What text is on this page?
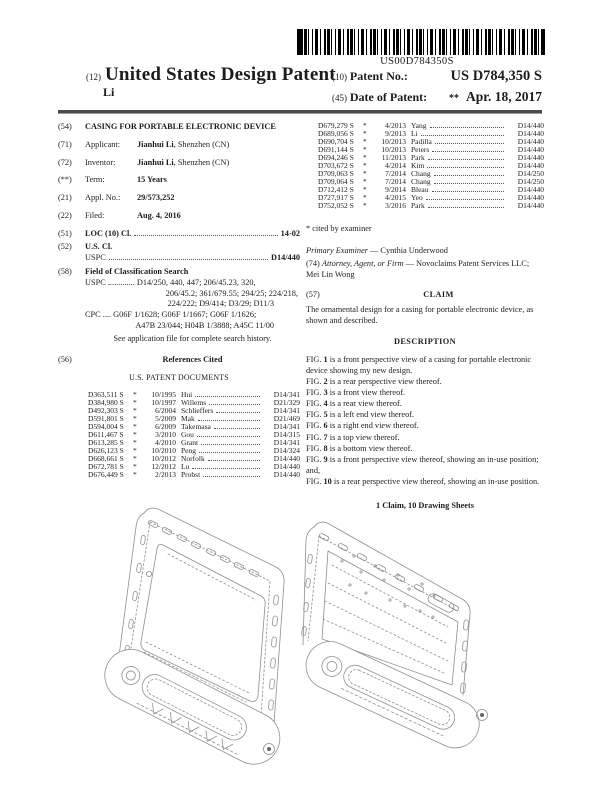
US00D784350S
(12) United States Design Patent
Li
(10) Patent No.:	US D784,350 S
(45) Date of Patent: ** Apr. 18, 2017
(54)	CASING FOR PORTABLE ELECTRONIC DEVICE
(71)	Applicant: Jianhui Li, Shenzhen (CN)
(72)	Inventor:	Jianhui Li, Shenzhen (CN)
(**)	Term:	15 Years
(21)	Appl. No.: 29/573,252
(22)	Filed:	Aug. 4, 2016
(51)	LOC (10) Cl.	14-02
(52)	U.S. Cl.
USPC	D14/440
(58)	Field of Classification Search
USPC ............. D14/250, 440, 447; 206/45.23, 320,
206/45.2; 361/679.55; 294/25; 224/218,
224/222; D9/414; D3/29; D11/3
CPC .... G06F 1/1628; G06F 1/1667; G06F 1/1626;
A47B 23/044; H04B 1/3888; A45C 11/00
See application file for complete search history.
(56)	References Cited
U.S. PATENT DOCUMENTS
D363,511 S	*	10/1995 Hui	D14/341
D384,980 S	*	10/1997 Willems	D21/329
D492,303 S	*	6/2004 Schlieffers	D14/341
D591,801 S	*	5/2009 Mak	D21/469
D594,004 S	*	6/2009 Takemasa	D14/341
D611,467 S	*	3/2010 Gou	D14/315
D613,285 S	*	4/2010 Grant	D14/341
D626,123 S	*	10/2010 Peng	D14/324
D668,661 S	*	10/2012 Norfolk	D14/440
D672,781 S	*	12/2012 Lu	D14/440
D676,449 S	*	2/2013 Probst	D14/440
D679,279 S	*	4/2013 Yang	D14/440
D689,056 S	*	9/2013 Li	D14/440
D690,704 S	*	10/2013 Padilla	D14/440
D691,144 S	*	10/2013 Peters	D14/440
D694,246 S	*	11/2013 Park	D14/440
D703,672 S	*	4/2014 Kim	D14/440
D709,063 S	*	7/2014 Chang	D14/250
D709,064 S	*	7/2014 Chang	D14/250
D712,412 S	*	9/2014 Bleau	D14/440
D727,917 S	*	4/2015 Yeo	D14/440
D752,052 S	*	3/2016 Park	D14/440
* cited by examiner
Primary Examiner — Cynthia Underwood
(74) Attorney, Agent, or Firm — Novoclaims Patent Services LLC; Mei Lin Wong
(57)	CLAIM
The ornamental design for a casing for portable electronic device, as shown and described.
DESCRIPTION
FIG. 1 is a front perspective view of a casing for portable electronic device showing my new design.
FIG. 2 is a rear perspective view thereof.
FIG. 3 is a front view thereof.
FIG. 4 is a rear view thereof.
FIG. 5 is a left end view thereof.
FIG. 6 is a right end view thereof.
FIG. 7 is a top view thereof.
FIG. 8 is a bottom view thereof.
FIG. 9 is a front perspective view thereof, showing an in-use position; and,
FIG. 10 is a rear perspective view thereof, showing an in-use position.
1 Claim, 10 Drawing Sheets
